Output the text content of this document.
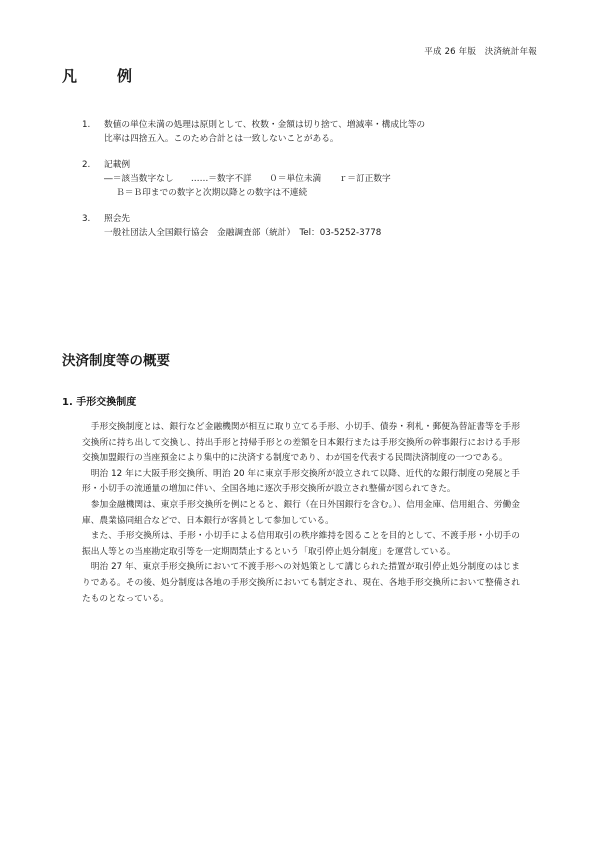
平成 26 年版　決済統計年報
凡例
1. 数値の単位未満の処理は原則として、枚数・金額は切り捨て、増減率・構成比等の
比率は四捨五入。このため合計とは一致しないことがある。
2. 記載例
―＝該当数字なし　　……＝数字不詳　　０＝単位未満　　ｒ＝訂正数字
Ｂ＝Ｂ印までの数字と次期以降との数字は不連続
3. 照会先
一般社団法人全国銀行協会　金融調査部（統計）　Tel：03-5252-3778
決済制度等の概要
1. 手形交換制度

手形交換制度とは、銀行など金融機関が相互に取り立てる手形、小切手、債券・利札・郵便為替証書等を手形交換所に持ち出して交換し、持出手形と持帰手形との差額を日本銀行または手形交換所の幹事銀行における手形交換加盟銀行の当座預金により集中的に決済する制度であり、わが国を代表する民間決済制度の一つである。

明治 12 年に大阪手形交換所、明治 20 年に東京手形交換所が設立されて以降、近代的な銀行制度の発展と手形・小切手の流通量の増加に伴い、全国各地に逐次手形交換所が設立され整備が図られてきた。

参加金融機関は、東京手形交換所を例にとると、銀行（在日外国銀行を含む。）、信用金庫、信用組合、労働金庫、農業協同組合などで、日本銀行が客員として参加している。

また、手形交換所は、手形・小切手による信用取引の秩序維持を図ることを目的として、不渡手形・小切手の振出人等との当座勘定取引等を一定期間禁止するという「取引停止処分制度」を運営している。

明治 27 年、東京手形交換所において不渡手形への対処策として講じられた措置が取引停止処分制度のはじまりである。その後、処分制度は各地の手形交換所においても制定され、現在、各地手形交換所において整備されたものとなっている。
